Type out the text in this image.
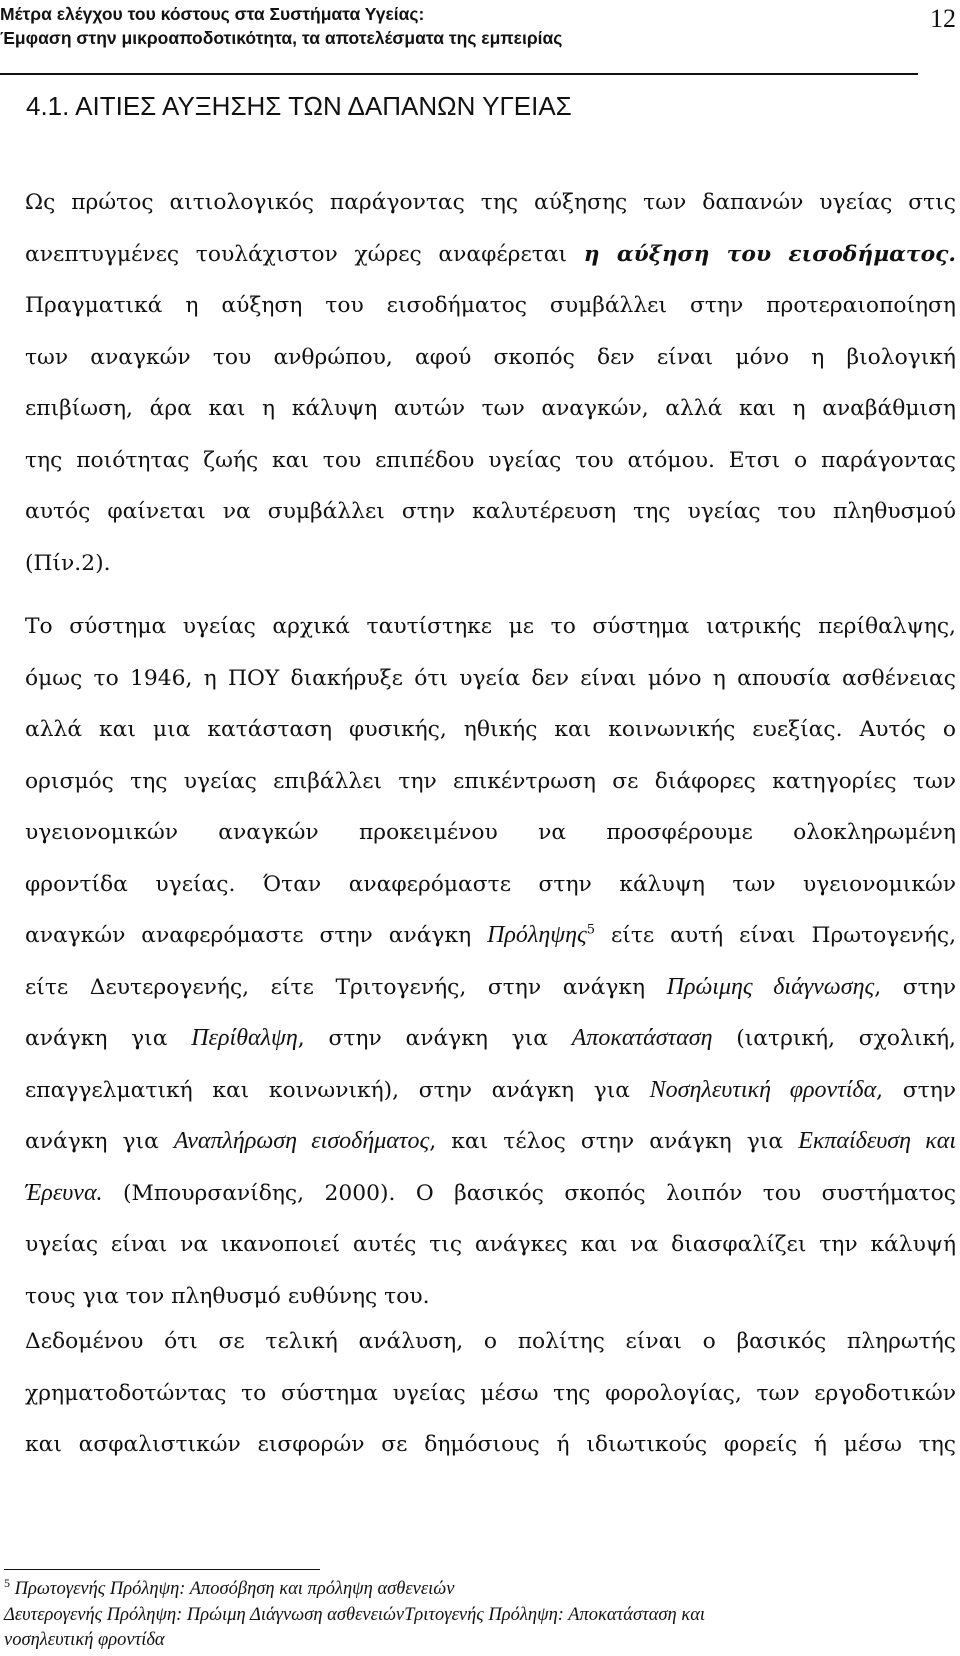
Μέτρα ελέγχου του κόστους στα Συστήματα Υγείας:
Έμφαση στην μικροαποδοτικότητα, τα αποτελέσματα της εμπειρίας
12
4.1. ΑΙΤΙΕΣ ΑΥΞΗΣΗΣ ΤΩΝ ΔΑΠΑΝΩΝ ΥΓΕΙΑΣ
Ως πρώτος αιτιολογικός παράγοντας της αύξησης των δαπανών υγείας στις
ανεπτυγμένες τουλάχιστον χώρες αναφέρεται η αύξηση του εισοδήματος.
Πραγματικά η αύξηση του εισοδήματος συμβάλλει στην προτεραιοποίηση
των αναγκών του ανθρώπου, αφού σκοπός δεν είναι μόνο η βιολογική
επιβίωση, άρα και η κάλυψη αυτών των αναγκών, αλλά και η αναβάθμιση
της ποιότητας ζωής και του επιπέδου υγείας του ατόμου. Ετσι ο παράγοντας
αυτός φαίνεται να συμβάλλει στην καλυτέρευση της υγείας του πληθυσμού
(Πίν.2).
Το σύστημα υγείας αρχικά ταυτίστηκε με το σύστημα ιατρικής περίθαλψης,
όμως το 1946, η ΠΟΥ διακήρυξε ότι υγεία δεν είναι μόνο η απουσία ασθένειας
αλλά και μια κατάσταση φυσικής, ηθικής και κοινωνικής ευεξίας. Αυτός ο
ορισμός της υγείας επιβάλλει την επικέντρωση σε διάφορες κατηγορίες των
υγειονομικών αναγκών προκειμένου να προσφέρουμε ολοκληρωμένη
φροντίδα υγείας. Όταν αναφερόμαστε στην κάλυψη των υγειονομικών
αναγκών αναφερόμαστε στην ανάγκη Πρόληψης$^5$ είτε αυτή είναι Πρωτογενής,
είτε Δευτερογενής, είτε Τριτογενής, στην ανάγκη Πρώιμης διάγνωσης, στην
ανάγκη για Περίθαλψη, στην ανάγκη για Αποκατάσταση (ιατρική, σχολική,
επαγγελματική και κοινωνική), στην ανάγκη για Νοσηλευτική φροντίδα, στην
ανάγκη για Αναπλήρωση εισοδήματος, και τέλος στην ανάγκη για Εκπαίδευση και
Έρευνα. (Μπουρσανίδης, 2000). Ο βασικός σκοπός λοιπόν του συστήματος
υγείας είναι να ικανοποιεί αυτές τις ανάγκες και να διασφαλίζει την κάλυψή
τους για τον πληθυσμό ευθύνης του.
Δεδομένου ότι σε τελική ανάλυση, ο πολίτης είναι ο βασικός πληρωτής
χρηματοδοτώντας το σύστημα υγείας μέσω της φορολογίας, των εργοδοτικών
και ασφαλιστικών εισφορών σε δημόσιους ή ιδιωτικούς φορείς ή μέσω της
$^5$ Πρωτογενής Πρόληψη: Αποσόβηση και πρόληψη ασθενειών
Δευτερογενής Πρόληψη: Πρώιμη Διάγνωση ασθενειώνΤριτογενής Πρόληψη: Αποκατάσταση και
νοσηλευτική φροντίδα
